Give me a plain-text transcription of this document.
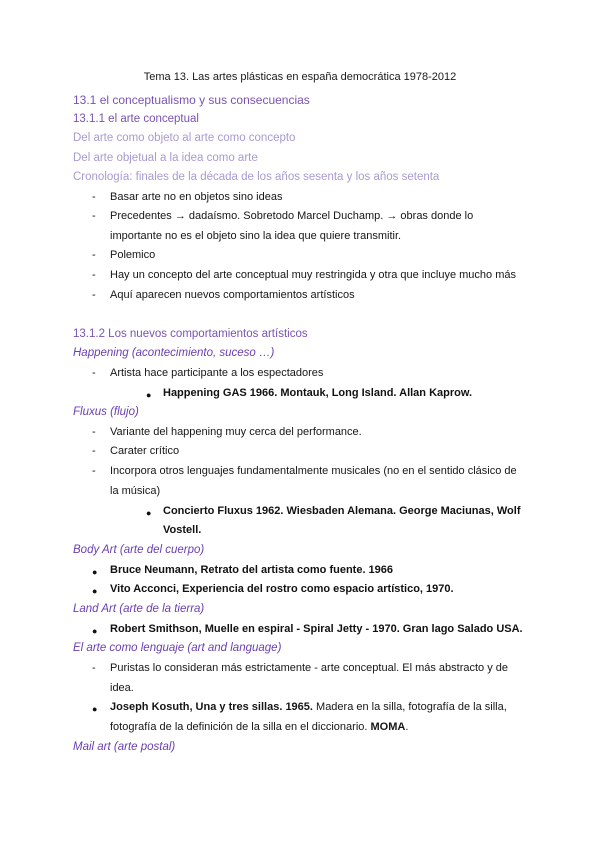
Tema 13. Las artes plásticas en españa democrática 1978-2012
13.1 el conceptualismo y sus consecuencias
13.1.1 el arte conceptual
Del arte como objeto al arte como concepto
Del arte objetual a la idea como arte
Cronología: finales de la década de los años sesenta y los años setenta
- Basar arte no en objetos sino ideas
- Precedentes → dadaísmo. Sobretodo Marcel Duchamp. → obras donde lo
importante no es el objeto sino la idea que quiere transmitir.
- Polemico
- Hay un concepto del arte conceptual muy restringida y otra que incluye mucho más
- Aquí aparecen nuevos comportamientos artísticos
13.1.2 Los nuevos comportamientos artísticos
Happening (acontecimiento, suceso …)
- Artista hace participante a los espectadores
● Happening GAS 1966. Montauk, Long Island. Allan Kaprow.
Fluxus (flujo)
- Variante del happening muy cerca del performance.
- Carater crítico
- Incorpora otros lenguajes fundamentalmente musicales (no en el sentido clásico de
la música)
● Concierto Fluxus 1962. Wiesbaden Alemana. George Maciunas, Wolf
Vostell.
Body Art (arte del cuerpo)
● Bruce Neumann, Retrato del artista como fuente. 1966
● Vito Acconci, Experiencia del rostro como espacio artístico, 1970.
Land Art (arte de la tierra)
● Robert Smithson, Muelle en espiral - Spiral Jetty - 1970. Gran lago Salado USA.
El arte como lenguaje (art and language)
- Puristas lo consideran más estrictamente - arte conceptual. El más abstracto y de
idea.
● Joseph Kosuth, Una y tres sillas. 1965. Madera en la silla, fotografía de la silla,
fotografía de la definición de la silla en el diccionario. MOMA.
Mail art (arte postal)
